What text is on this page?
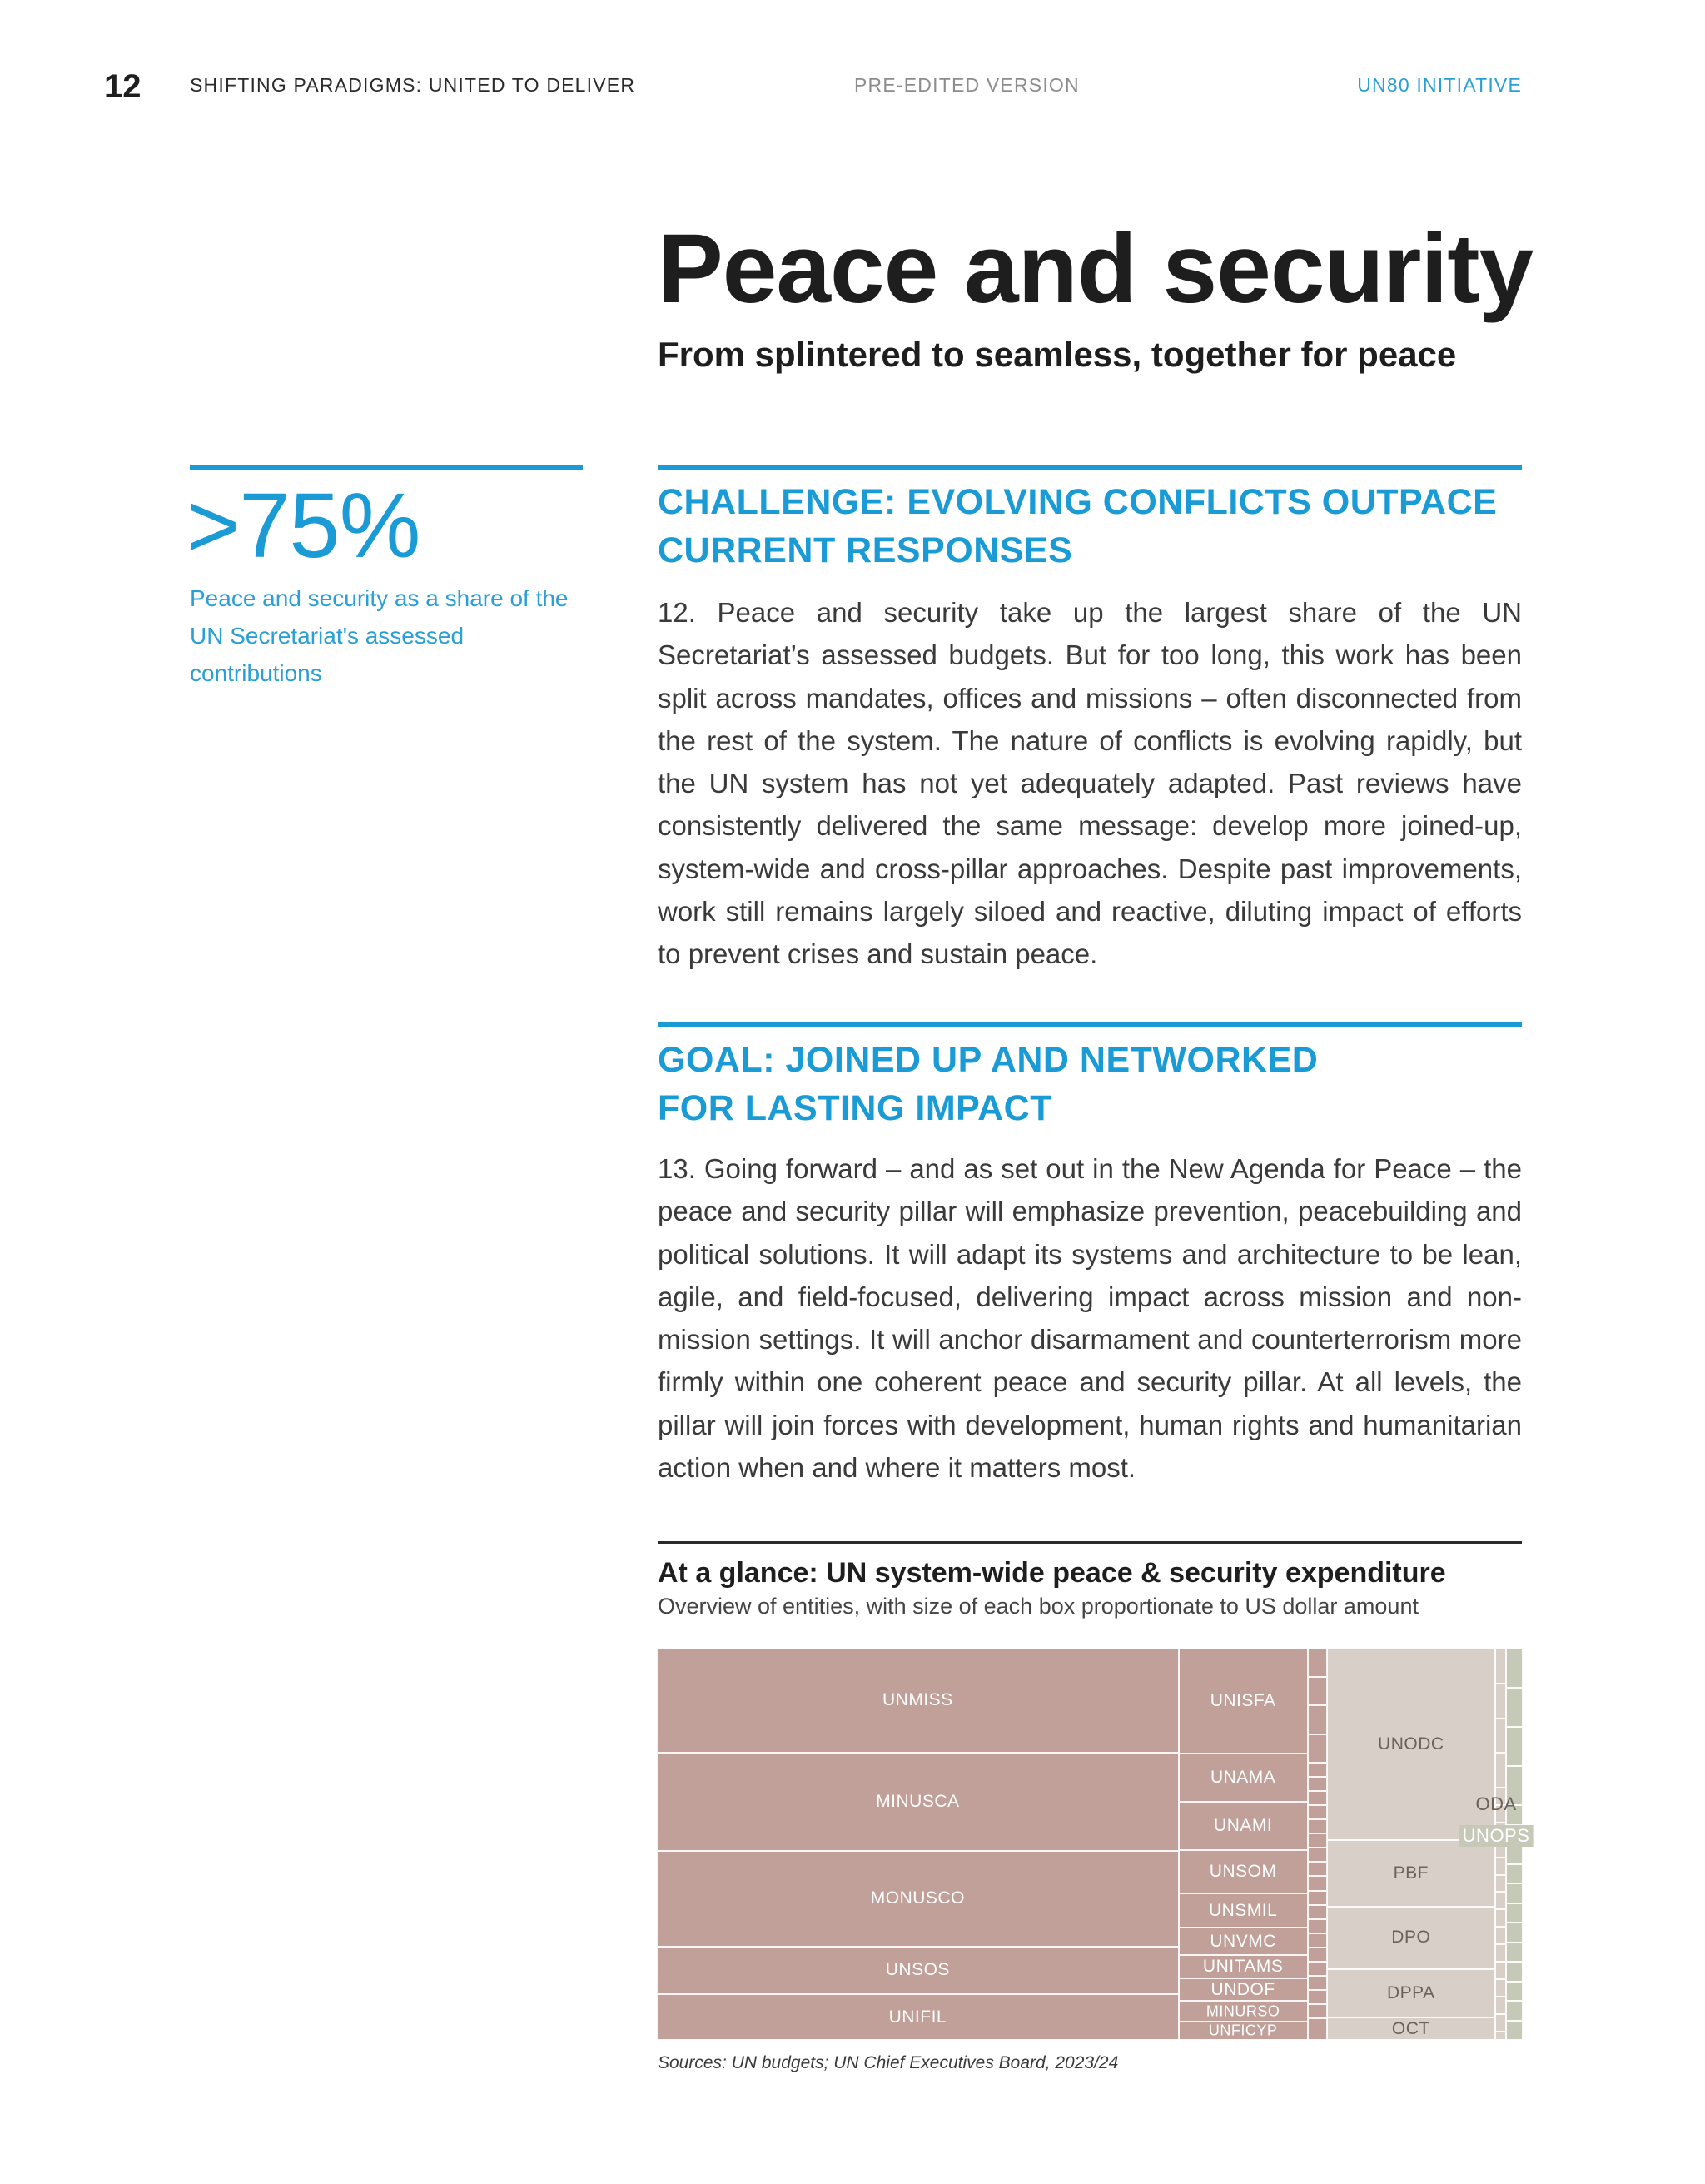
12	SHIFTING PARADIGMS: UNITED TO DELIVER	PRE-EDITED VERSION	UN80 INITIATIVE
Peace and security
From splintered to seamless, together for peace
>75%
Peace and security as a share of the UN Secretariat's assessed contributions
CHALLENGE: EVOLVING CONFLICTS OUTPACE
CURRENT RESPONSES
12. Peace and security take up the largest share of the UN Secretariat’s assessed budgets. But for too long, this work has been split across mandates, offices and missions – often disconnected from the rest of the system. The nature of conflicts is evolving rapidly, but the UN system has not yet adequately adapted. Past reviews have consistently delivered the same message: develop more joined-up, system-wide and cross-pillar approaches. Despite past improvements, work still remains largely siloed and reactive, diluting impact of efforts to prevent crises and sustain peace.
GOAL: JOINED UP AND NETWORKED
FOR LASTING IMPACT
13. Going forward – and as set out in the New Agenda for Peace – the peace and security pillar will emphasize prevention, peacebuilding and political solutions. It will adapt its systems and architecture to be lean, agile, and field-focused, delivering impact across mission and non-mission settings. It will anchor disarmament and counterterrorism more firmly within one coherent peace and security pillar. At all levels, the pillar will join forces with development, human rights and humanitarian action when and where it matters most.
At a glance: UN system-wide peace & security expenditure
Overview of entities, with size of each box proportionate to US dollar amount
UNMISS
MINUSCA
MONUSCO
UNSOS
UNIFIL
UNISFA
UNAMA
UNAMI
UNSOM
UNSMIL
UNVMC
UNITAMS
UNDOF
MINURSO
UNFICYP
UNODC
PBF
DPO
DPPA
OCT
ODA
UNOPS
Sources: UN budgets; UN Chief Executives Board, 2023/24
